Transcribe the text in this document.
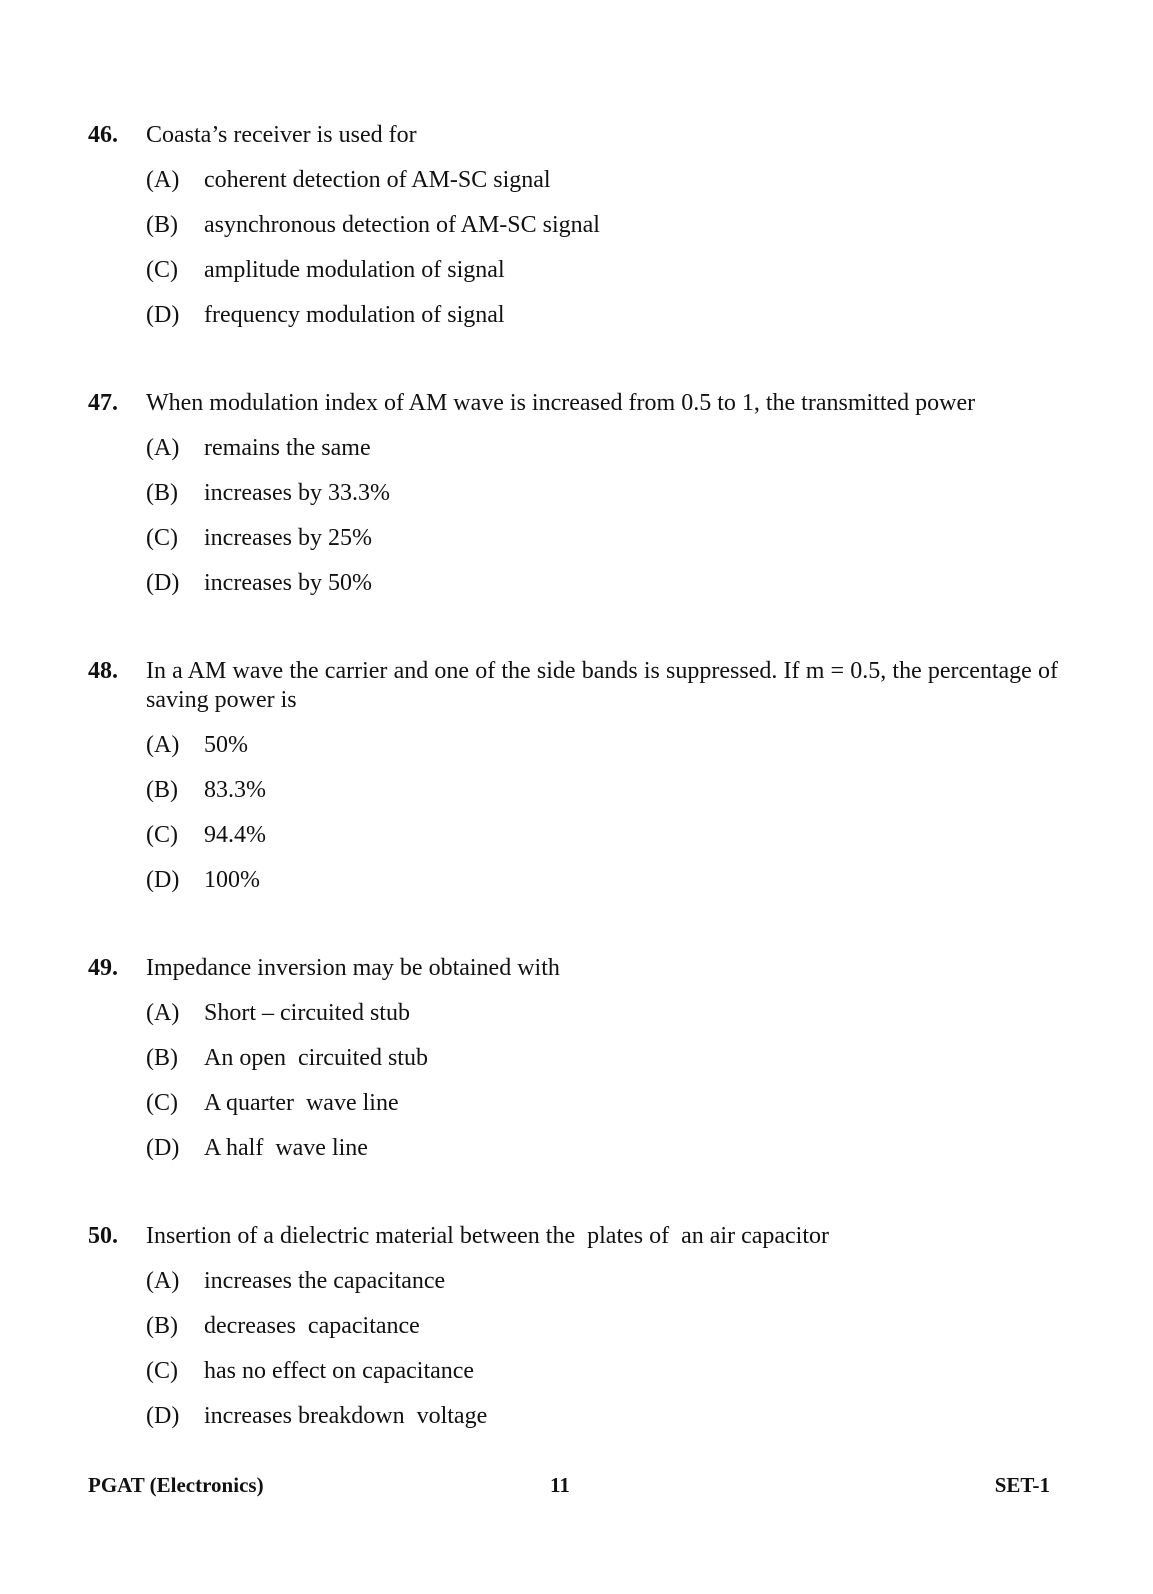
46.	Coasta’s receiver is used for
(A)	coherent detection of AM-SC signal
(B)	asynchronous detection of AM-SC signal
(C)	amplitude modulation of signal
(D)	frequency modulation of signal
47.	When modulation index of AM wave is increased from 0.5 to 1, the transmitted power
(A)	remains the same
(B)	increases by 33.3%
(C)	increases by 25%
(D)	increases by 50%
48.	In a AM wave the carrier and one of the side bands is suppressed. If m = 0.5, the percentage of saving power is
(A)	50%
(B)	83.3%
(C)	94.4%
(D)	100%
49.	Impedance inversion may be obtained with
(A)	Short – circuited stub
(B)	An open  circuited stub
(C)	A quarter  wave line
(D)	A half  wave line
50.	Insertion of a dielectric material between the  plates of  an air capacitor
(A)	increases the capacitance
(B)	decreases  capacitance
(C)	has no effect on capacitance
(D)	increases breakdown  voltage
PGAT (Electronics)	11	SET-1
